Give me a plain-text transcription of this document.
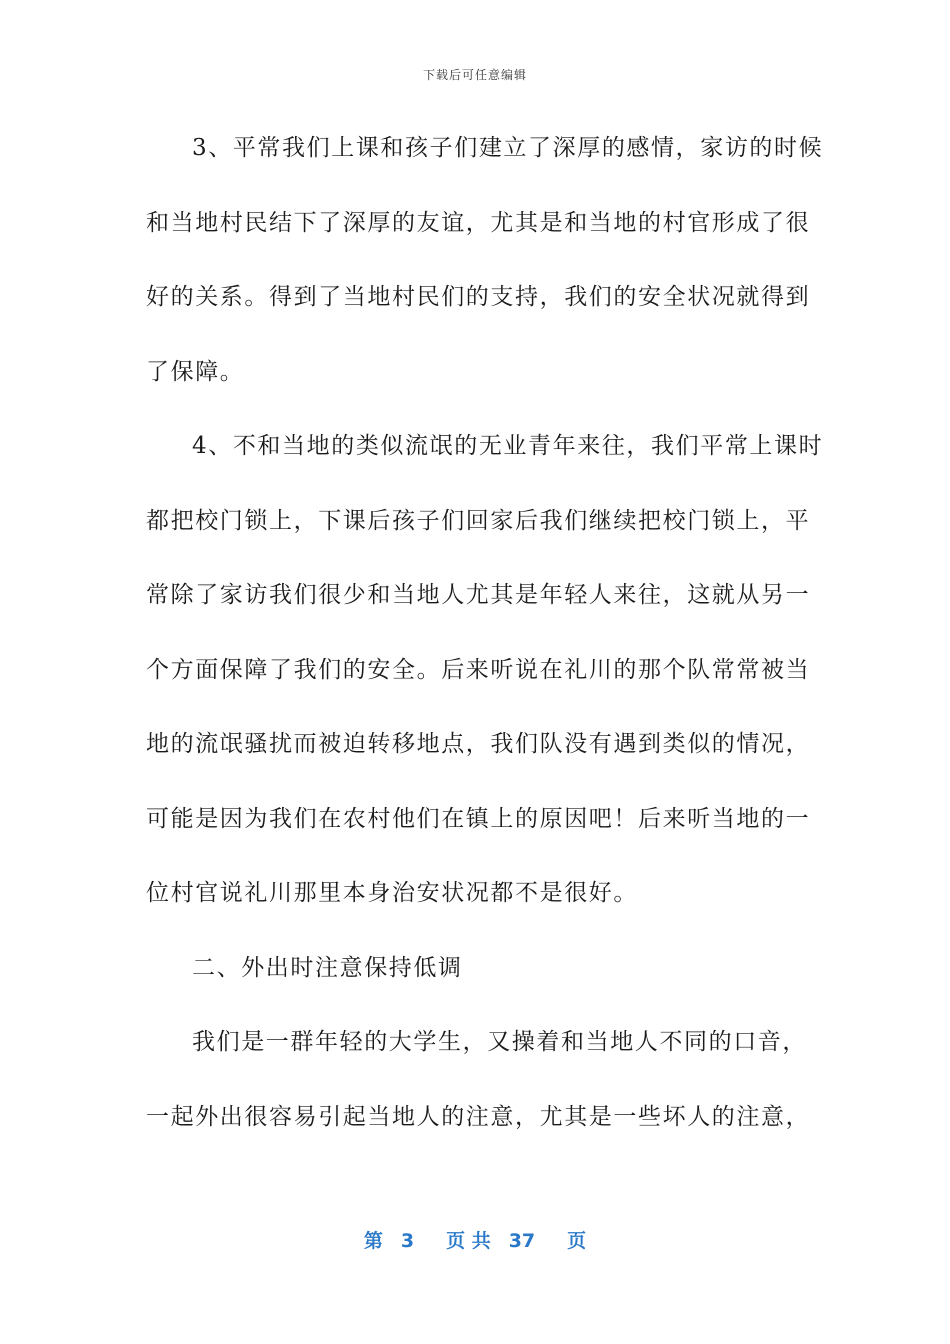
下载后可任意编辑
3、平常我们上课和孩子们建立了深厚的感情，家访的时候
和当地村民结下了深厚的友谊，尤其是和当地的村官形成了很
好的关系。得到了当地村民们的支持，我们的安全状况就得到
了保障。
4、不和当地的类似流氓的无业青年来往，我们平常上课时
都把校门锁上，下课后孩子们回家后我们继续把校门锁上，平
常除了家访我们很少和当地人尤其是年轻人来往，这就从另一
个方面保障了我们的安全。后来听说在礼川的那个队常常被当
地的流氓骚扰而被迫转移地点，我们队没有遇到类似的情况，
可能是因为我们在农村他们在镇上的原因吧！后来听当地的一
位村官说礼川那里本身治安状况都不是很好。
二、外出时注意保持低调
我们是一群年轻的大学生，又操着和当地人不同的口音，
一起外出很容易引起当地人的注意，尤其是一些坏人的注意，
第 3 页 共 37 页
